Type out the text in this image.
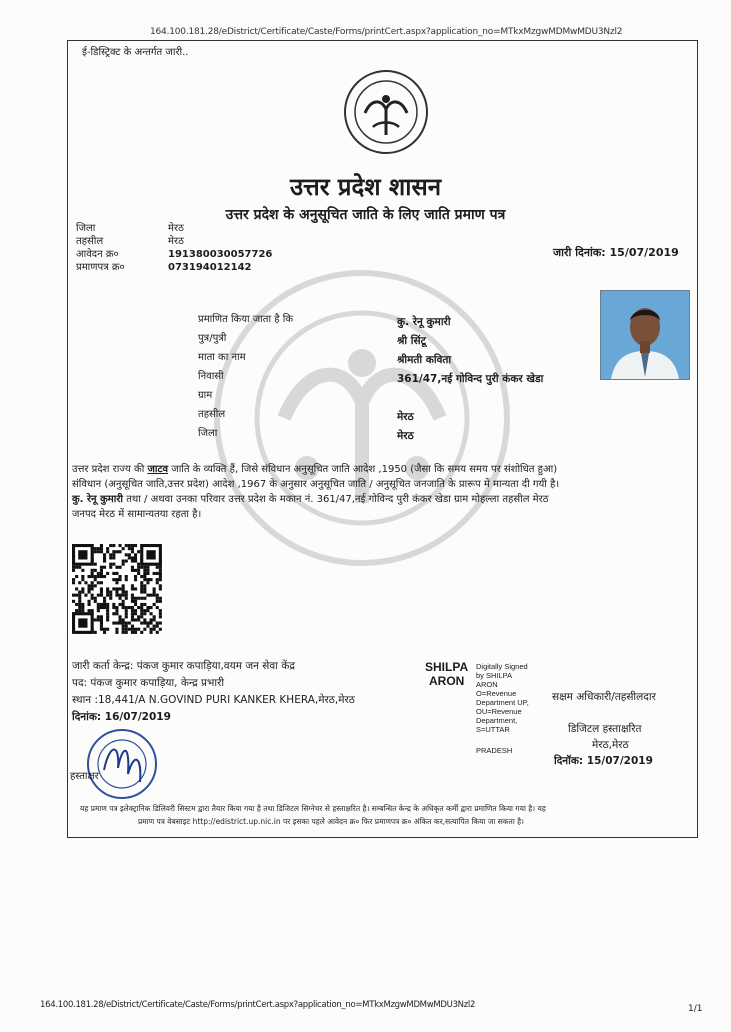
164.100.181.28/eDistrict/Certificate/Caste/Forms/printCert.aspx?application_no=MTkxMzgwMDMwMDU3Nzl2
ई-डिस्ट्रिक्ट के अन्तर्गत जारी..
उत्तर प्रदेश शासन
उत्तर प्रदेश के अनुसूचित जाति के लिए जाति प्रमाण पत्र
जिला
तहसील
आवेदन क्र०
प्रमाणपत्र क्र०
मेरठ
मेरठ
191380030057726
073194012142
जारी दिनांक: 15/07/2019
प्रमाणित किया जाता है कि
पुत्र/पुत्री
माता का नाम
निवासी
ग्राम
तहसील
जिला
कु. रेनू कुमारी
श्री सिंटू
श्रीमती कविता
361/47,नई गोविन्द पुरी कंकर खेडा
मेरठ
मेरठ
उत्तर प्रदेश राज्य की जाटव जाति के व्यक्ति हैं, जिसे संविधान अनुसूचित जाति आदेश ,1950 (जैसा कि समय समय पर संशोधित हुआ)
संविधान (अनुसूचित जाति,उत्तर प्रदेश) आदेश ,1967 के अनुसार अनुसूचित जाति / अनुसूचित जनजाति के प्रारूप में मान्यता दी गयी है।
कु. रेनू कुमारी तथा / अथवा उनका परिवार उत्तर प्रदेश के मकान नं. 361/47,नई गोविन्द पुरी कंकर खेडा ग्राम मोहल्ला तहसील मेरठ
जनपद मेरठ में सामान्यतया रहता है।
जारी कर्ता केन्द्र: पंकज कुमार कपाड़िया,वयम जन सेवा केंद्र
पद: पंकज कुमार कपाड़िया, केन्द्र प्रभारी
स्थान :18,441/A N.GOVIND PURI KANKER KHERA,मेरठ,मेरठ
दिनांक: 16/07/2019
हस्ताक्षर
SHILPA
ARON
Digitally Signed
by SHILPA
ARON
O=Revenue
Department UP,
OU=Revenue
Department,
S=UTTAR
PRADESH
सक्षम अधिकारी/तहसीलदार
डिजिटल हस्ताक्षरित
मेरठ,मेरठ
दिनॉक: 15/07/2019
यह प्रमाण पत्र इलेक्ट्रानिक डिलिवरी सिस्टम द्वारा तैयार किया गया है तथा डिजिटल सिग्नेचर से हस्ताक्षरित है। सम्बन्धित केन्द्र के अधिकृत कर्मी द्वारा प्रमाणित किया गया है। यह
प्रमाण पत्र वेबसाइट http://edistrict.up.nic.in पर इसका पहले आवेदन क्र० फिर प्रमाणपत्र क्र० अंकित कर,सत्यापित किया जा सकता है।
164.100.181.28/eDistrict/Certificate/Caste/Forms/printCert.aspx?application_no=MTkxMzgwMDMwMDU3Nzl2	1/1
